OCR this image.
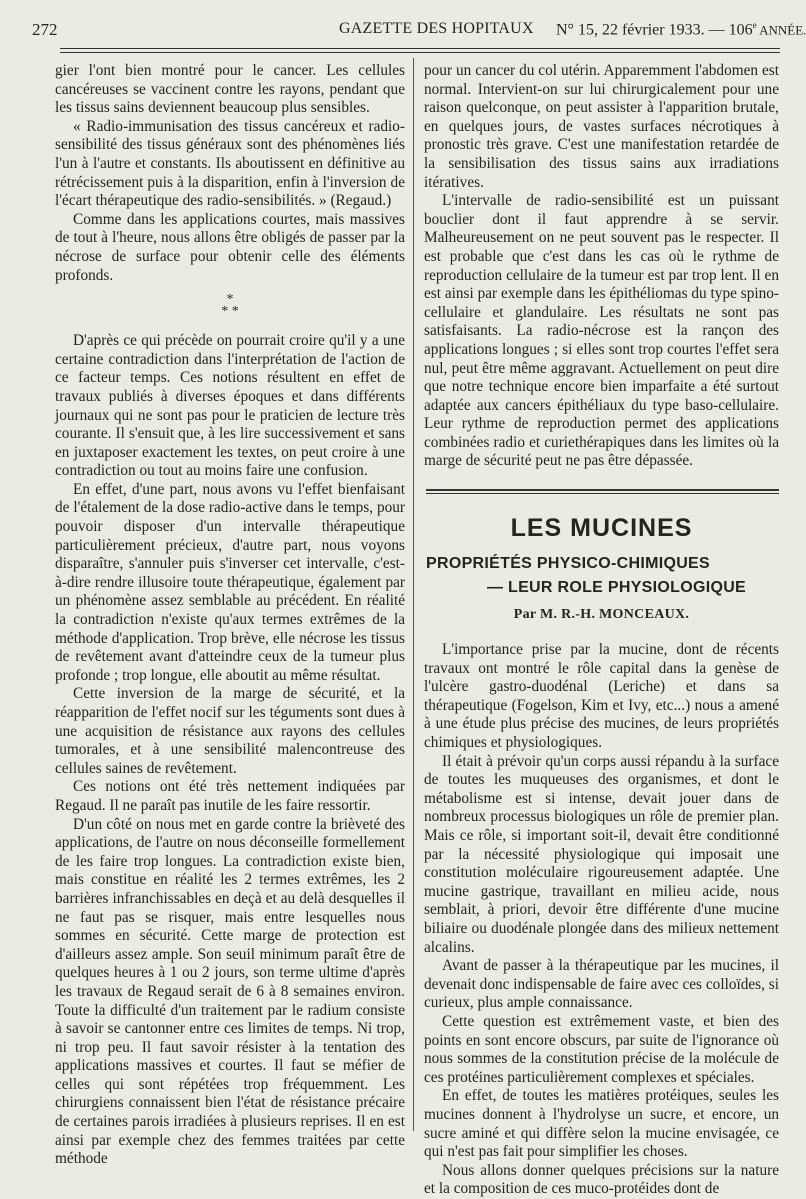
272	GAZETTE DES HOPITAUX N° 15, 22 février 1933. — 106e ANNÉE.

gier l'ont bien montré pour le cancer. Les cellules cancéreuses se vaccinent contre les rayons, pendant que les tissus sains deviennent beaucoup plus sensibles.

« Radio-immunisation des tissus cancéreux et radio-sensibilité des tissus généraux sont des phénomènes liés l'un à l'autre et constants. Ils aboutissent en définitive au rétrécissement puis à la disparition, enfin à l'inversion de l'écart thérapeutique des radio-sensibilités. » (Regaud.)

Comme dans les applications courtes, mais massives de tout à l'heure, nous allons être obligés de passer par la nécrose de surface pour obtenir celle des éléments profonds.

*
* *

D'après ce qui précède on pourrait croire qu'il y a une certaine contradiction dans l'interprétation de l'action de ce facteur temps. Ces notions résultent en effet de travaux publiés à diverses époques et dans différents journaux qui ne sont pas pour le praticien de lecture très courante. Il s'ensuit que, à les lire successivement et sans en juxtaposer exactement les textes, on peut croire à une contradiction ou tout au moins faire une confusion.

En effet, d'une part, nous avons vu l'effet bienfaisant de l'étalement de la dose radio-active dans le temps, pour pouvoir disposer d'un intervalle thérapeutique particulièrement précieux, d'autre part, nous voyons disparaître, s'annuler puis s'inverser cet intervalle, c'est-à-dire rendre illusoire toute thérapeutique, également par un phénomène assez semblable au précédent. En réalité la contradiction n'existe qu'aux termes extrêmes de la méthode d'application. Trop brève, elle nécrose les tissus de revêtement avant d'atteindre ceux de la tumeur plus profonde ; trop longue, elle aboutit au même résultat.

Cette inversion de la marge de sécurité, et la réapparition de l'effet nocif sur les téguments sont dues à une acquisition de résistance aux rayons des cellules tumorales, et à une sensibilité malencontreuse des cellules saines de revêtement.

Ces notions ont été très nettement indiquées par Regaud. Il ne paraît pas inutile de les faire ressortir.

D'un côté on nous met en garde contre la brièveté des applications, de l'autre on nous déconseille formellement de les faire trop longues. La contradiction existe bien, mais constitue en réalité les 2 termes extrêmes, les 2 barrières infranchissables en deçà et au delà desquelles il ne faut pas se risquer, mais entre lesquelles nous sommes en sécurité. Cette marge de protection est d'ailleurs assez ample. Son seuil minimum paraît être de quelques heures à 1 ou 2 jours, son terme ultime d'après les travaux de Regaud serait de 6 à 8 semaines environ. Toute la difficulté d'un traitement par le radium consiste à savoir se cantonner entre ces limites de temps. Ni trop, ni trop peu. Il faut savoir résister à la tentation des applications massives et courtes. Il faut se méfier de celles qui sont répétées trop fréquemment. Les chirurgiens connaissent bien l'état de résistance précaire de certaines parois irradiées à plusieurs reprises. Il en est ainsi par exemple chez des femmes traitées par cette méthode

pour un cancer du col utérin. Apparemment l'abdomen est normal. Intervient-on sur lui chirurgicalement pour une raison quelconque, on peut assister à l'apparition brutale, en quelques jours, de vastes surfaces nécrotiques à pronostic très grave. C'est une manifestation retardée de la sensibilisation des tissus sains aux irradiations itératives.

L'intervalle de radio-sensibilité est un puissant bouclier dont il faut apprendre à se servir. Malheureusement on ne peut souvent pas le respecter. Il est probable que c'est dans les cas où le rythme de reproduction cellulaire de la tumeur est par trop lent. Il en est ainsi par exemple dans les épithéliomas du type spino-cellulaire et glandulaire. Les résultats ne sont pas satisfaisants. La radio-nécrose est la rançon des applications longues ; si elles sont trop courtes l'effet sera nul, peut être même aggravant. Actuellement on peut dire que notre technique encore bien imparfaite a été surtout adaptée aux cancers épithéliaux du type baso-cellulaire. Leur rythme de reproduction permet des applications combinées radio et curiethérapiques dans les limites où la marge de sécurité peut ne pas être dépassée.

LES MUCINES
PROPRIÉTÉS PHYSICO-CHIMIQUES
— LEUR ROLE PHYSIOLOGIQUE
Par M. R.-H. MONCEAUX.

L'importance prise par la mucine, dont de récents travaux ont montré le rôle capital dans la genèse de l'ulcère gastro-duodénal (Leriche) et dans sa thérapeutique (Fogelson, Kim et Ivy, etc...) nous a amené à une étude plus précise des mucines, de leurs propriétés chimiques et physiologiques.

Il était à prévoir qu'un corps aussi répandu à la surface de toutes les muqueuses des organismes, et dont le métabolisme est si intense, devait jouer dans de nombreux processus biologiques un rôle de premier plan. Mais ce rôle, si important soit-il, devait être conditionné par la nécessité physiologique qui imposait une constitution moléculaire rigoureusement adaptée. Une mucine gastrique, travaillant en milieu acide, nous semblait, à priori, devoir être différente d'une mucine biliaire ou duodénale plongée dans des milieux nettement alcalins.

Avant de passer à la thérapeutique par les mucines, il devenait donc indispensable de faire avec ces colloïdes, si curieux, plus ample connaissance.

Cette question est extrêmement vaste, et bien des points en sont encore obscurs, par suite de l'ignorance où nous sommes de la constitution précise de la molécule de ces protéines particulièrement complexes et spéciales.

En effet, de toutes les matières protéiques, seules les mucines donnent à l'hydrolyse un sucre, et encore, un sucre aminé et qui diffère selon la mucine envisagée, ce qui n'est pas fait pour simplifier les choses.

Nous allons donner quelques précisions sur la nature et la composition de ces muco-protéides dont de
